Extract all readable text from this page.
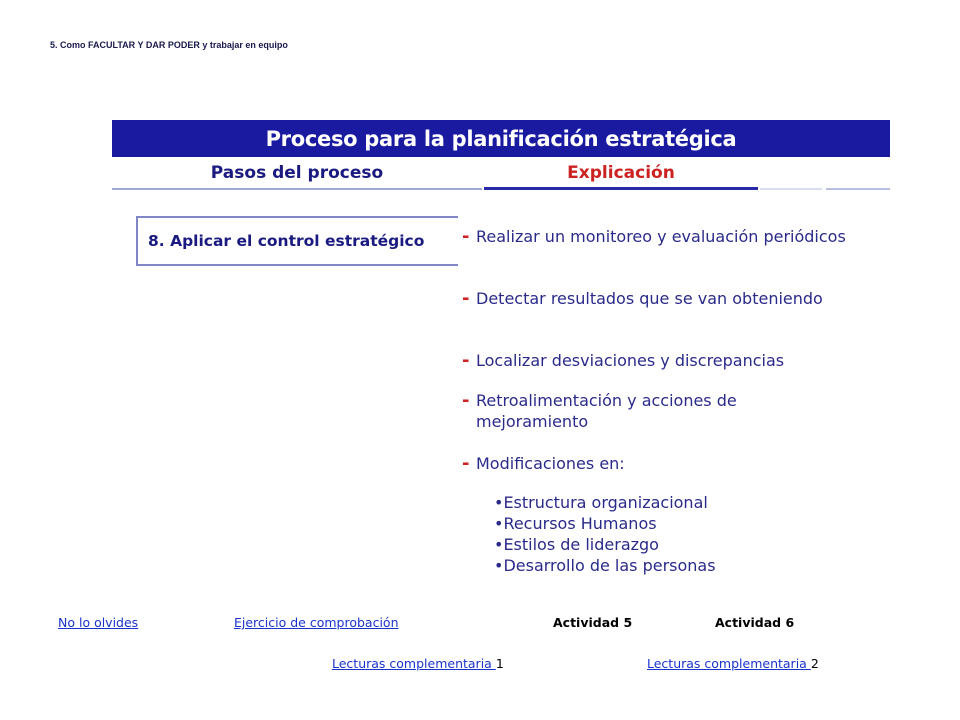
5. Como FACULTAR Y DAR PODER y trabajar en equipo
Proceso para la planificación estratégica
Pasos del proceso	Explicación
8. Aplicar el control estratégico - Realizar un monitoreo y evaluación periódicos
- Detectar resultados que se van obteniendo
- Localizar desviaciones y discrepancias
- Retroalimentación y acciones de mejoramiento
- Modificaciones en:
•Estructura organizacional
•Recursos Humanos
•Estilos de liderazgo
•Desarrollo de las personas
No lo olvides	Ejercicio de comprobación	Actividad 5	Actividad 6
Lecturas complementaria 1	Lecturas complementaria 2
